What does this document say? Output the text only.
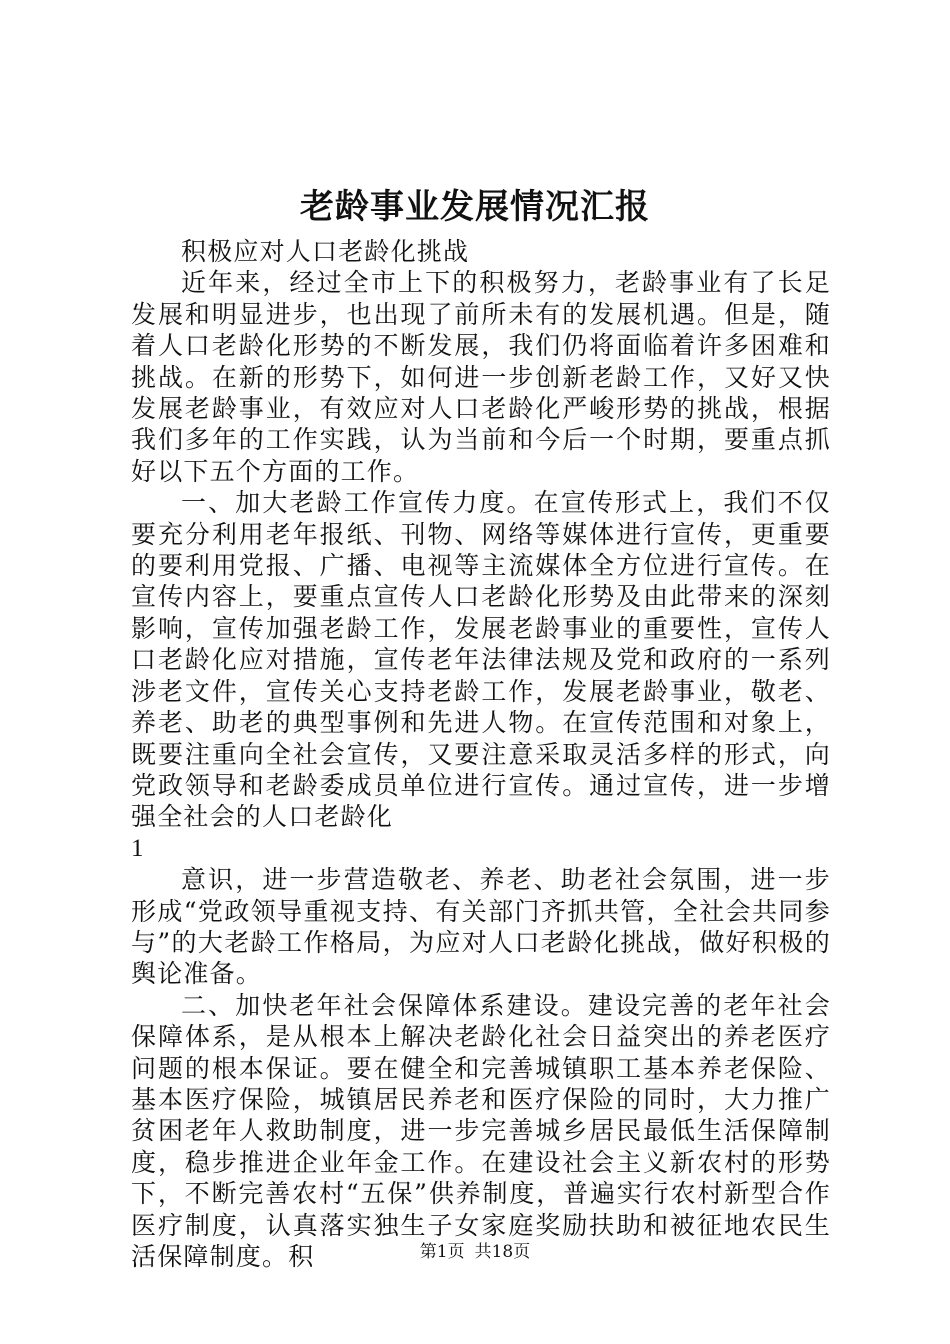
老龄事业发展情况汇报

积极应对人口老龄化挑战

近年来，经过全市上下的积极努力，老龄事业有了长足发展和明显进步，也出现了前所未有的发展机遇。但是，随着人口老龄化形势的不断发展，我们仍将面临着许多困难和挑战。在新的形势下，如何进一步创新老龄工作，又好又快发展老龄事业，有效应对人口老龄化严峻形势的挑战，根据我们多年的工作实践，认为当前和今后一个时期，要重点抓好以下五个方面的工作。

一、加大老龄工作宣传力度。在宣传形式上，我们不仅要充分利用老年报纸、刊物、网络等媒体进行宣传，更重要的要利用党报、广播、电视等主流媒体全方位进行宣传。在宣传内容上，要重点宣传人口老龄化形势及由此带来的深刻影响，宣传加强老龄工作，发展老龄事业的重要性，宣传人口老龄化应对措施，宣传老年法律法规及党和政府的一系列涉老文件，宣传关心支持老龄工作，发展老龄事业，敬老、养老、助老的典型事例和先进人物。在宣传范围和对象上，既要注重向全社会宣传，又要注意采取灵活多样的形式，向党政领导和老龄委成员单位进行宣传。通过宣传，进一步增强全社会的人口老龄化

1

意识，进一步营造敬老、养老、助老社会氛围，进一步形成“党政领导重视支持、有关部门齐抓共管，全社会共同参与”的大老龄工作格局，为应对人口老龄化挑战，做好积极的舆论准备。

二、加快老年社会保障体系建设。建设完善的老年社会保障体系，是从根本上解决老龄化社会日益突出的养老医疗问题的根本保证。要在健全和完善城镇职工基本养老保险、基本医疗保险，城镇居民养老和医疗保险的同时，大力推广贫困老年人救助制度，进一步完善城乡居民最低生活保障制度，稳步推进企业年金工作。在建设社会主义新农村的形势下，不断完善农村“五保”供养制度，普遍实行农村新型合作医疗制度，认真落实独生子女家庭奖励扶助和被征地农民生活保障制度。积	第1页 共18页
